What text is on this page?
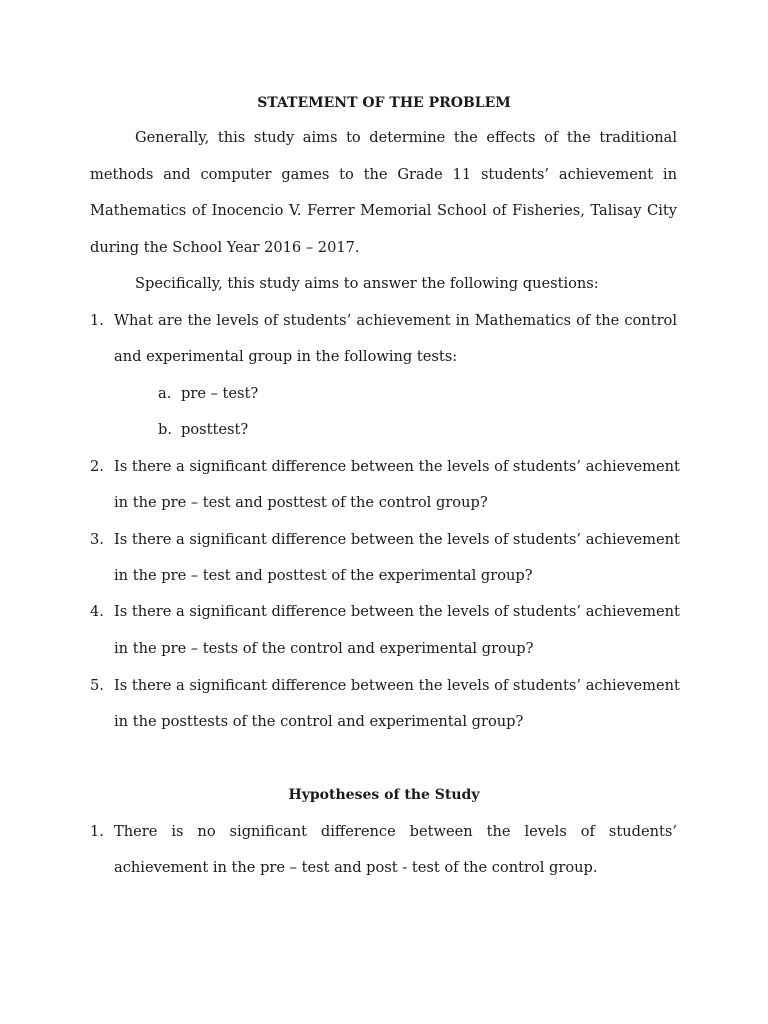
STATEMENT OF THE PROBLEM
Generally, this study aims to determine the effects of the traditional
methods and computer games to the Grade 11 students’ achievement in
Mathematics of Inocencio V. Ferrer Memorial School of Fisheries, Talisay City
during the School Year 2016 – 2017.
Specifically, this study aims to answer the following questions:
1. What are the levels of students’ achievement in Mathematics of the control
and experimental group in the following tests:
a. pre – test?
b. posttest?
2. Is there a significant difference between the levels of students’ achievement
in the pre – test and posttest of the control group?
3. Is there a significant difference between the levels of students’ achievement
in the pre – test and posttest of the experimental group?
4. Is there a significant difference between the levels of students’ achievement
in the pre – tests of the control and experimental group?
5. Is there a significant difference between the levels of students’ achievement
in the posttests of the control and experimental group?
Hypotheses of the Study
1. There is no significant difference between the levels of students’
achievement in the pre – test and post - test of the control group.
